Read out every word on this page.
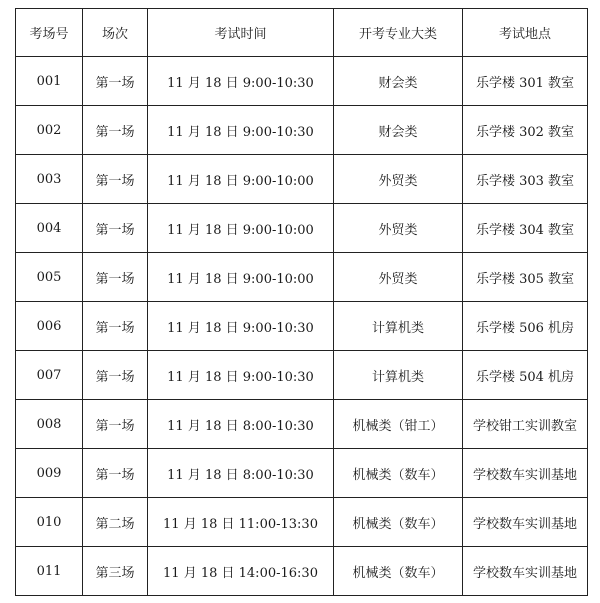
考场号	场次	考试时间	开考专业大类	考试地点
001	第一场	11 月 18 日 9:00-10:30	财会类	乐学楼 301 教室
002	第一场	11 月 18 日 9:00-10:30	财会类	乐学楼 302 教室
003	第一场	11 月 18 日 9:00-10:00	外贸类	乐学楼 303 教室
004	第一场	11 月 18 日 9:00-10:00	外贸类	乐学楼 304 教室
005	第一场	11 月 18 日 9:00-10:00	外贸类	乐学楼 305 教室
006	第一场	11 月 18 日 9:00-10:30	计算机类	乐学楼 506 机房
007	第一场	11 月 18 日 9:00-10:30	计算机类	乐学楼 504 机房
008	第一场	11 月 18 日 8:00-10:30	机械类（钳工）	学校钳工实训教室
009	第一场	11 月 18 日 8:00-10:30	机械类（数车）	学校数车实训基地
010	第二场	11 月 18 日 11:00-13:30	机械类（数车）	学校数车实训基地
011	第三场	11 月 18 日 14:00-16:30	机械类（数车）	学校数车实训基地
